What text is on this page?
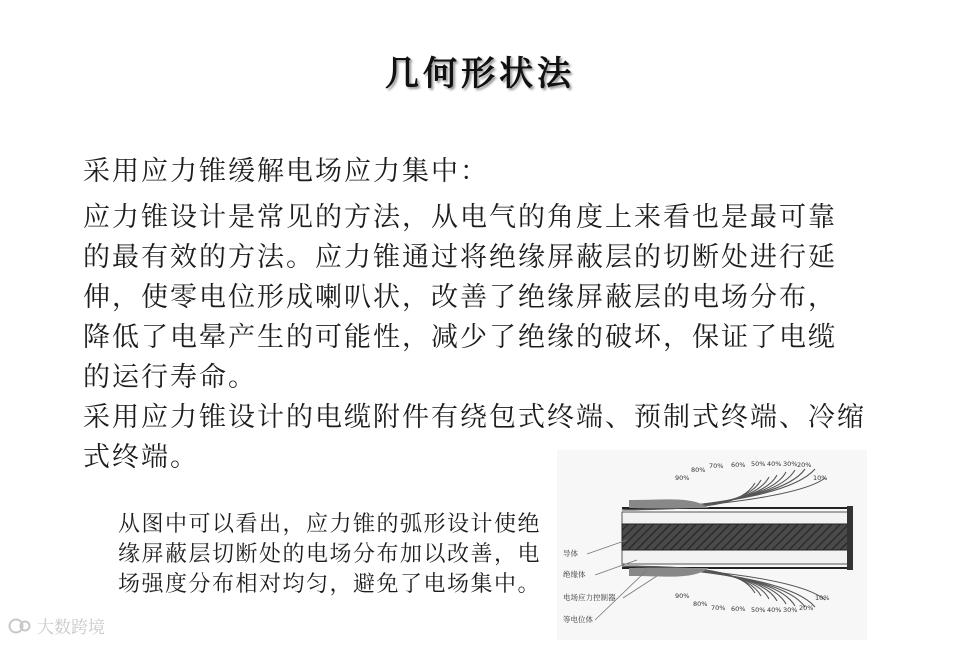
几何形状法

采用应力锥缓解电场应力集中：

应力锥设计是常见的方法，从电气的角度上来看也是最可靠的最有效的方法。应力锥通过将绝缘屏蔽层的切断处进行延伸，使零电位形成喇叭状，改善了绝缘屏蔽层的电场分布，降低了电晕产生的可能性，减少了绝缘的破坏，保证了电缆的运行寿命。

采用应力锥设计的电缆附件有绕包式终端、预制式终端、冷缩式终端。

从图中可以看出，应力锥的弧形设计使绝缘屏蔽层切断处的电场分布加以改善，电场强度分布相对均匀，避免了电场集中。

90%
80% 70% 60% 50% 40% 30% 20%
10%
90%
80% 70% 60% 50% 40% 30% 20%
10%
导体
绝缘体
电场应力控制器
等电位体
大数跨境
